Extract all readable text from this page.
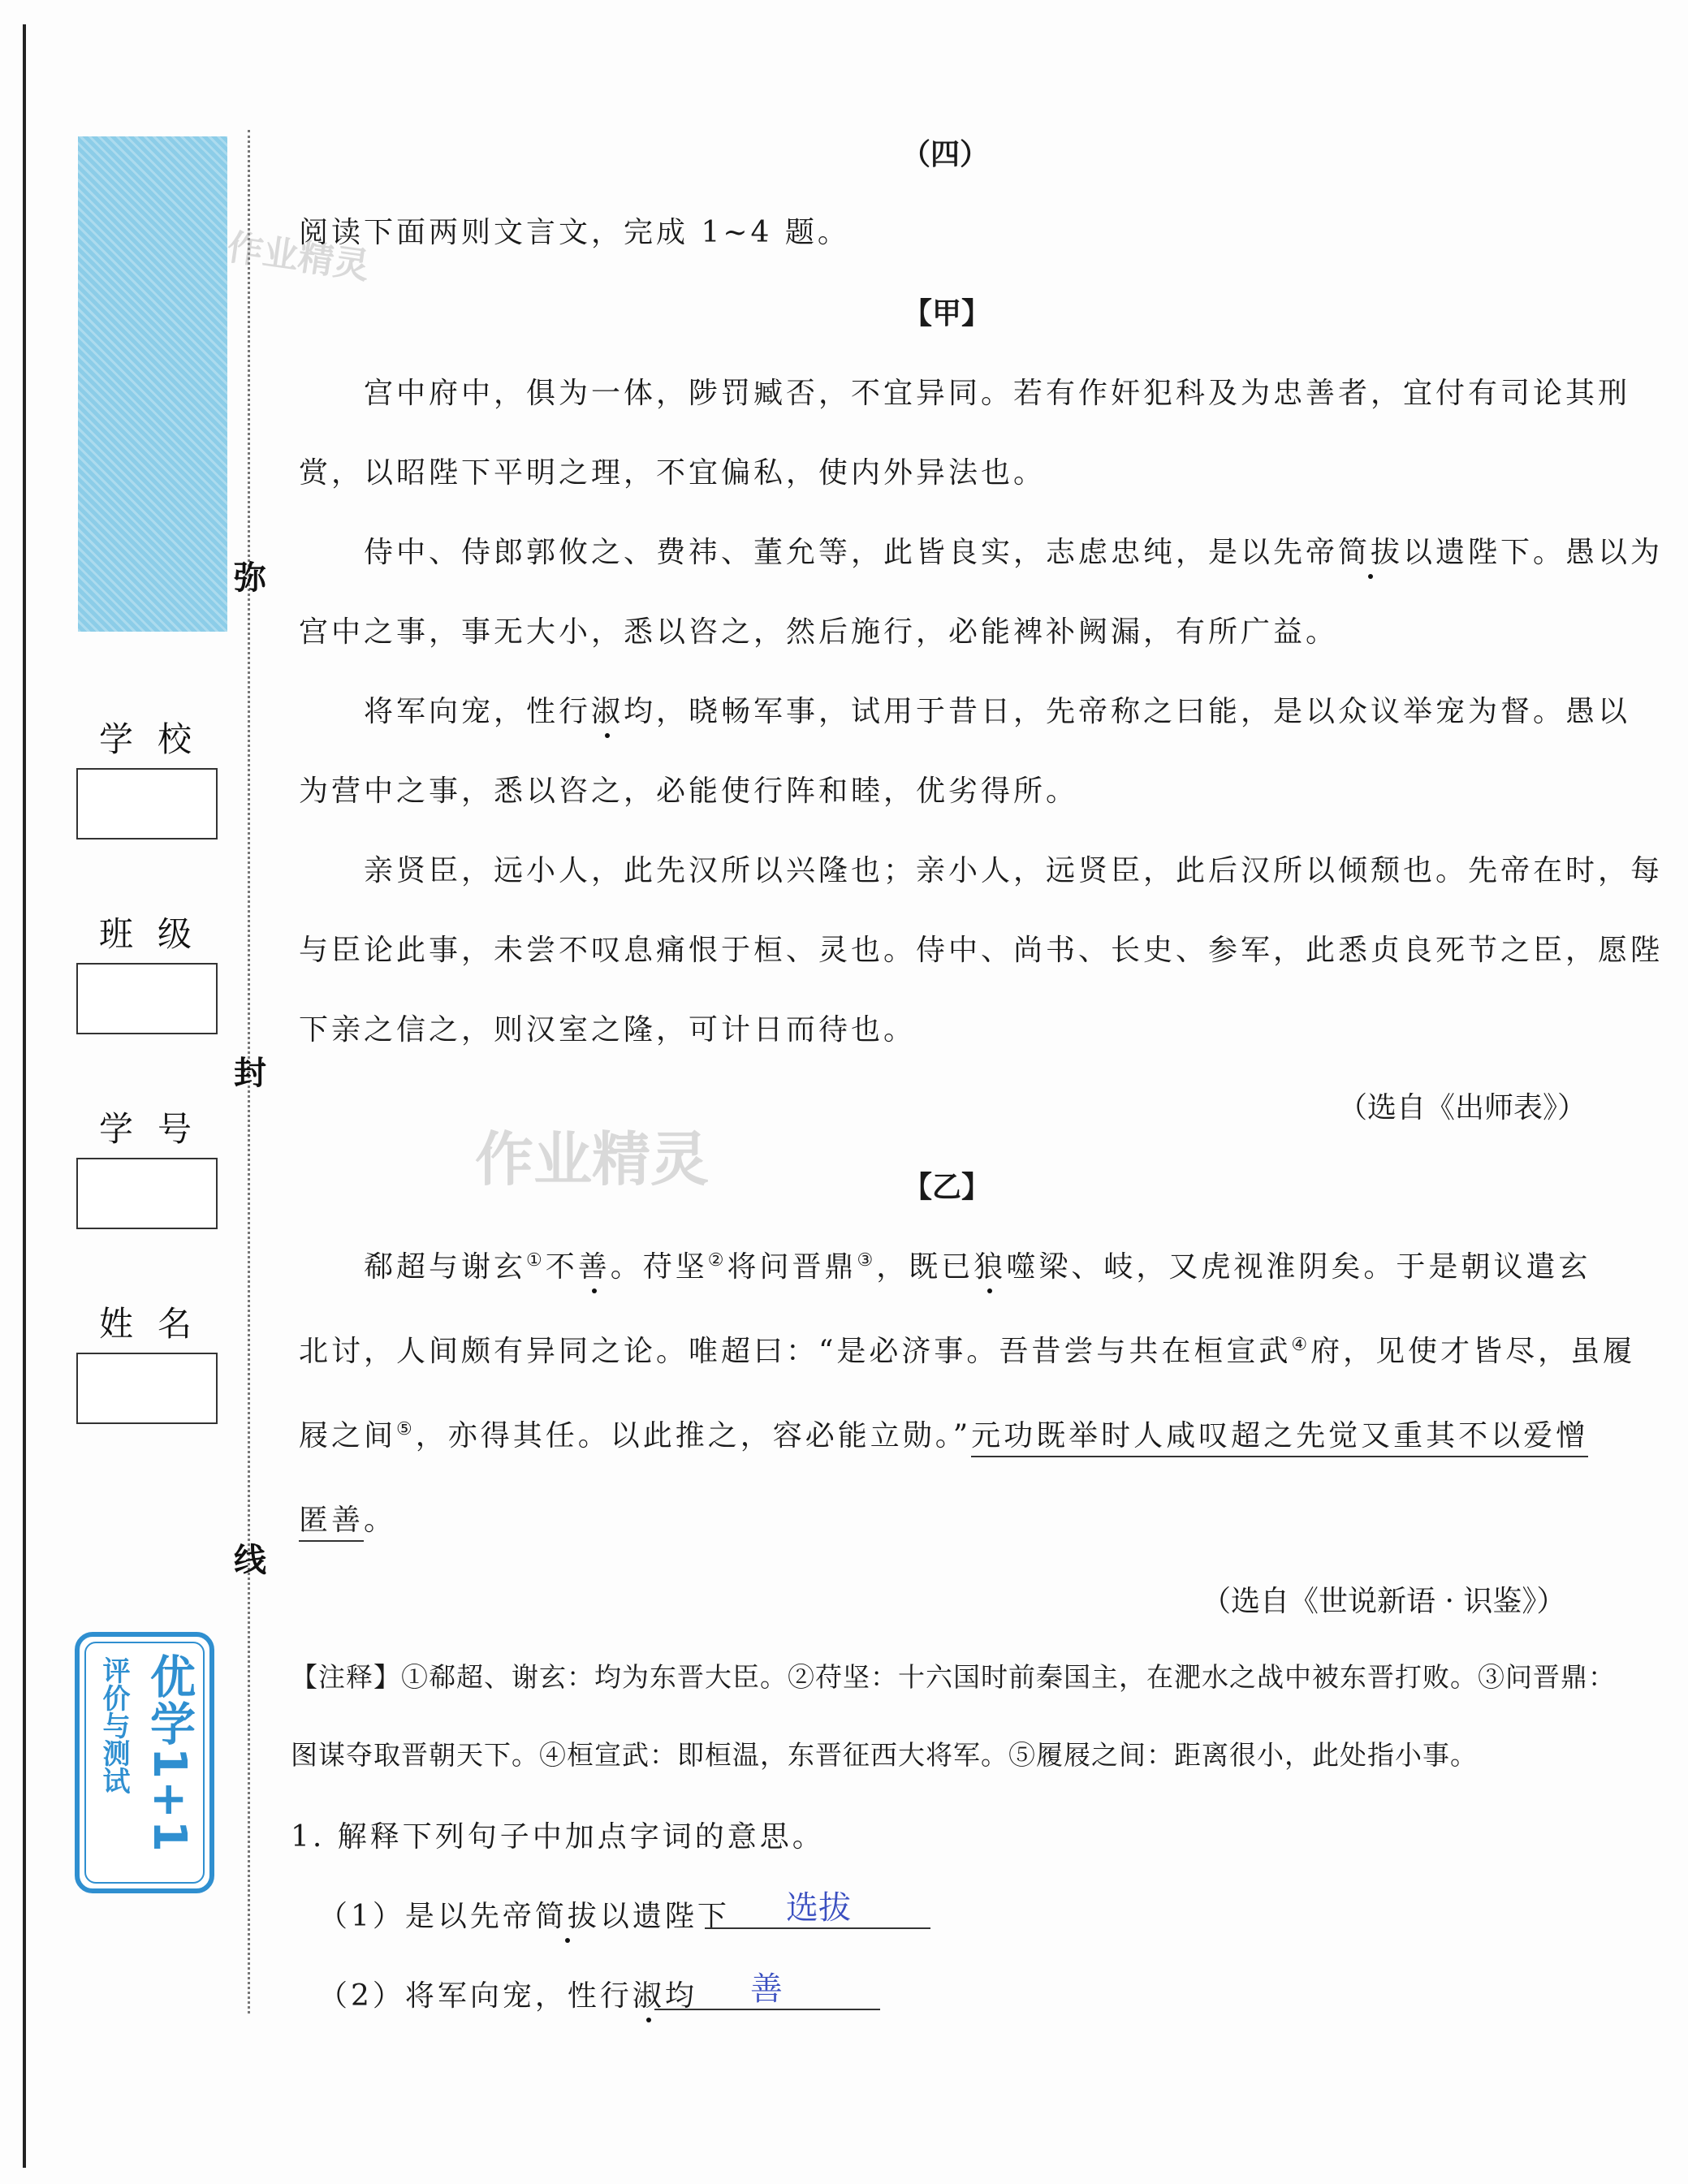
弥
封
线
学校
班级
学号
姓名
优学1+1
评价与测试
作业精灵
作业精灵
（四）
阅读下面两则文言文，完成 1~4 题。
【甲】
宫中府中，俱为一体，陟罚臧否，不宜异同。若有作奸犯科及为忠善者，宜付有司论其刑
赏，以昭陛下平明之理，不宜偏私，使内外异法也。
侍中、侍郎郭攸之、费祎、董允等，此皆良实，志虑忠纯，是以先帝简拔以遗陛下。愚以为
宫中之事，事无大小，悉以咨之，然后施行，必能裨补阙漏，有所广益。
将军向宠，性行淑均，晓畅军事，试用于昔日，先帝称之曰能，是以众议举宠为督。愚以
为营中之事，悉以咨之，必能使行阵和睦，优劣得所。
亲贤臣，远小人，此先汉所以兴隆也；亲小人，远贤臣，此后汉所以倾颓也。先帝在时，每
与臣论此事，未尝不叹息痛恨于桓、灵也。侍中、尚书、长史、参军，此悉贞良死节之臣，愿陛
下亲之信之，则汉室之隆，可计日而待也。
（选自《出师表》）
【乙】
郗超与谢玄①不善。苻坚②将问晋鼎③，既已狼噬梁、岐，又虎视淮阴矣。于是朝议遣玄
北讨，人间颇有异同之论。唯超曰：“是必济事。吾昔尝与共在桓宣武④府，见使才皆尽，虽履
屐之间⑤，亦得其任。以此推之，容必能立勋。”元功既举时人咸叹超之先觉又重其不以爱憎
匿善。
（选自《世说新语 · 识鉴》）
【注释】①郗超、谢玄：均为东晋大臣。②苻坚：十六国时前秦国主，在淝水之战中被东晋打败。③问晋鼎：
图谋夺取晋朝天下。④桓宣武：即桓温，东晋征西大将军。⑤履屐之间：距离很小，此处指小事。
1. 解释下列句子中加点字词的意思。
（1）是以先帝简拔以遗陛下 选拔
（2）将军向宠，性行淑均 善
